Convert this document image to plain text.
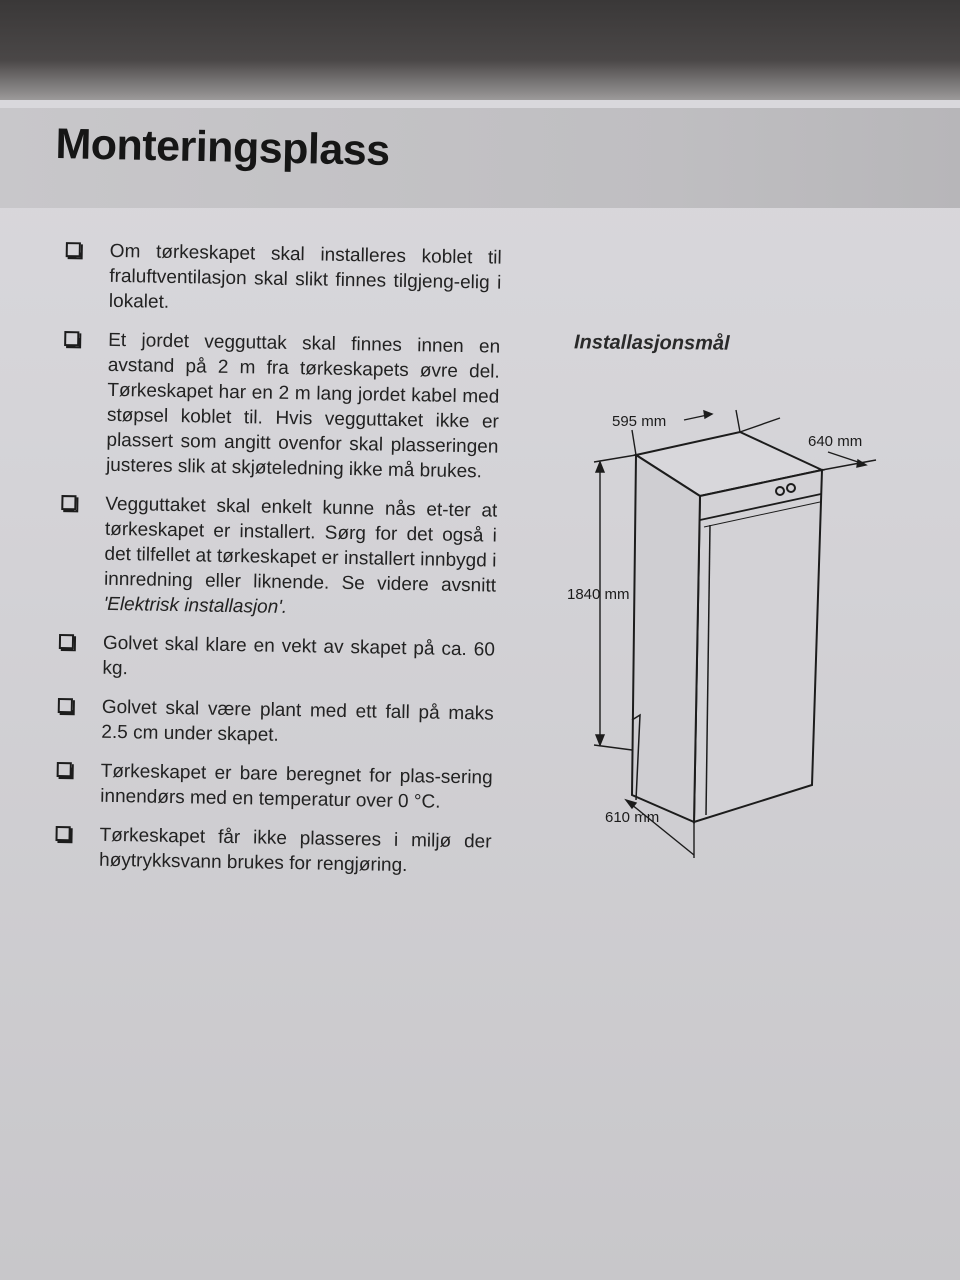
Monteringsplass
Om tørkeskapet skal installeres koblet til fraluftventilasjon skal slikt finnes tilgjeng-elig i lokalet.
Et jordet vegguttak skal finnes innen en avstand på 2 m fra tørkeskapets øvre del. Tørkeskapet har en 2 m lang jordet kabel med støpsel koblet til. Hvis vegguttaket ikke er plassert som angitt ovenfor skal plasseringen justeres slik at skjøteledning ikke må brukes.
Vegguttaket skal enkelt kunne nås et-ter at tørkeskapet er installert. Sørg for det også i det tilfellet at tørkeskapet er installert innbygd i innredning eller liknende. Se videre avsnitt 'Elektrisk installasjon'.
Golvet skal klare en vekt av skapet på ca. 60 kg.
Golvet skal være plant med ett fall på maks 2.5 cm under skapet.
Tørkeskapet er bare beregnet for plas-sering innendørs med en temperatur over 0 °C.
Tørkeskapet får ikke plasseres i miljø der høytrykksvann brukes for rengjøring.
Installasjonsmål
595 mm
640 mm
1840 mm
610 mm
